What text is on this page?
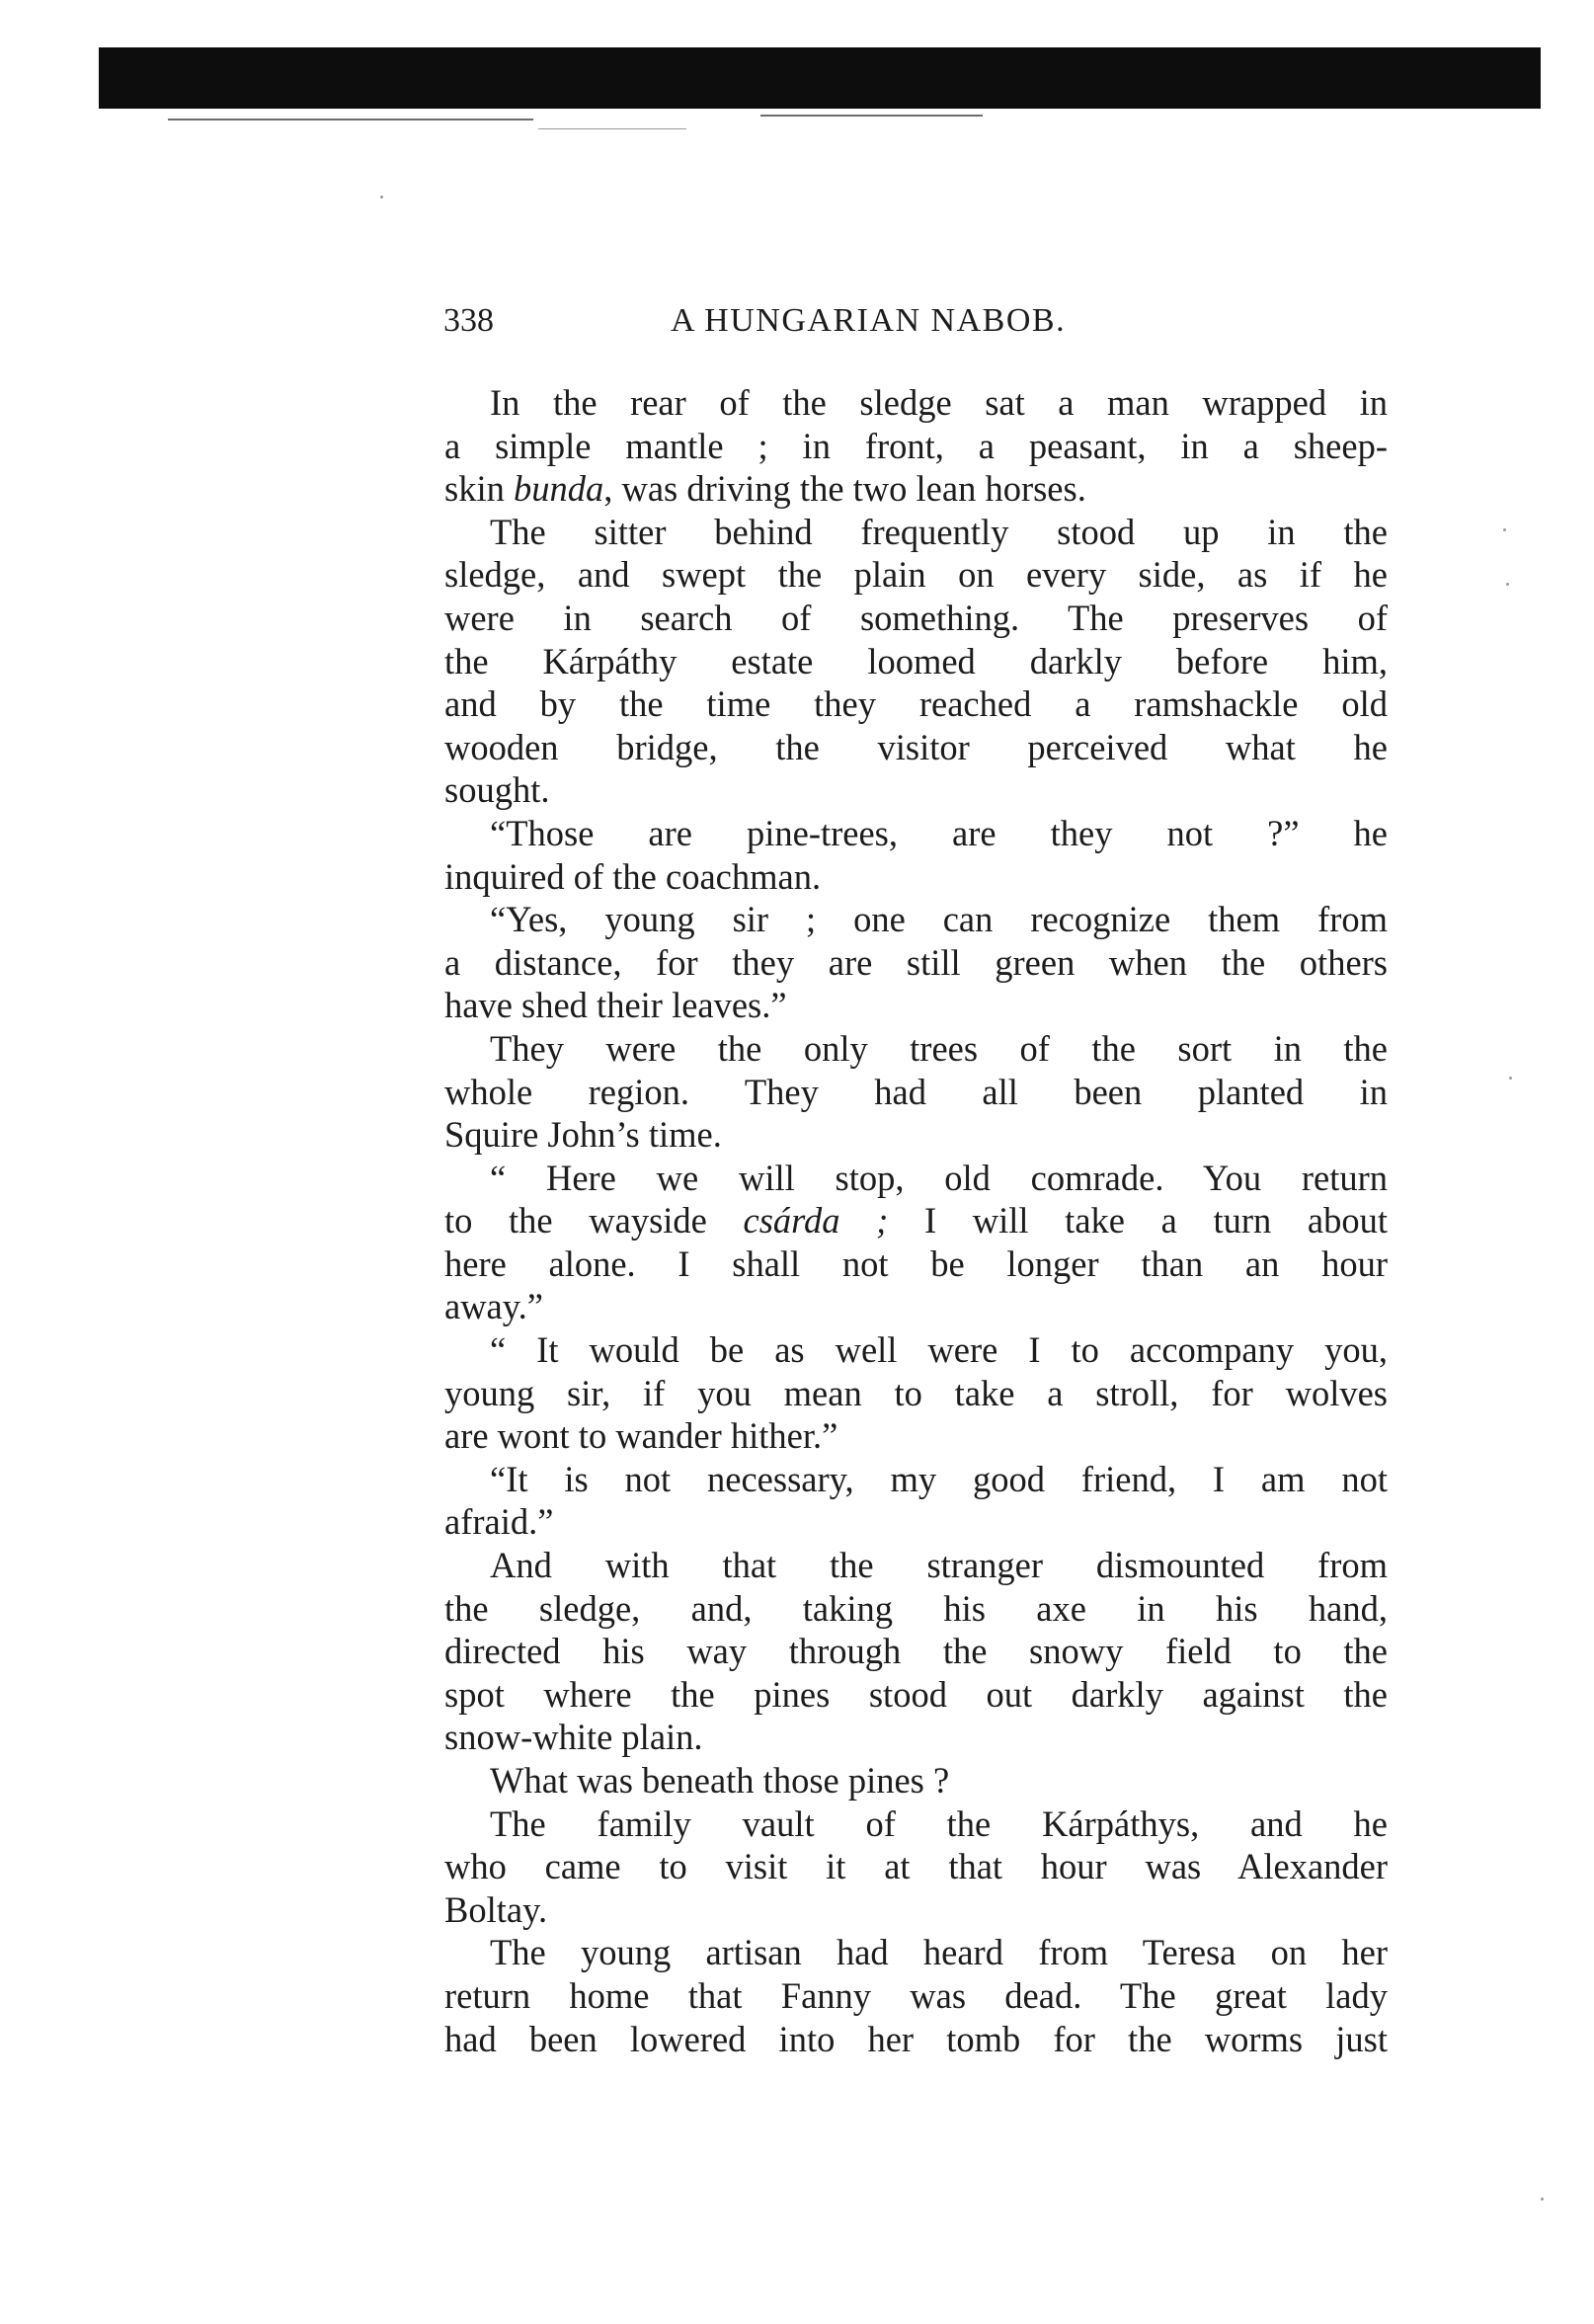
338	A HUNGARIAN NABOB.
In the rear of the sledge sat a man wrapped in
a simple mantle ; in front, a peasant, in a sheep-
skin bunda, was driving the two lean horses.
The sitter behind frequently stood up in the
sledge, and swept the plain on every side, as if he
were in search of something. The preserves of
the Kárpáthy estate loomed darkly before him,
and by the time they reached a ramshackle old
wooden bridge, the visitor perceived what he
sought.
“Those are pine-trees, are they not ?” he
inquired of the coachman.
“Yes, young sir ; one can recognize them from
a distance, for they are still green when the others
have shed their leaves.”
They were the only trees of the sort in the
whole region. They had all been planted in
Squire John’s time.
“ Here we will stop, old comrade. You return
to the wayside csárda ; I will take a turn about
here alone. I shall not be longer than an hour
away.”
“ It would be as well were I to accompany you,
young sir, if you mean to take a stroll, for wolves
are wont to wander hither.”
“It is not necessary, my good friend, I am not
afraid.”
And with that the stranger dismounted from
the sledge, and, taking his axe in his hand,
directed his way through the snowy field to the
spot where the pines stood out darkly against the
snow-white plain.
What was beneath those pines ?
The family vault of the Kárpáthys, and he
who came to visit it at that hour was Alexander
Boltay.
The young artisan had heard from Teresa on her
return home that Fanny was dead. The great lady
had been lowered into her tomb for the worms just
